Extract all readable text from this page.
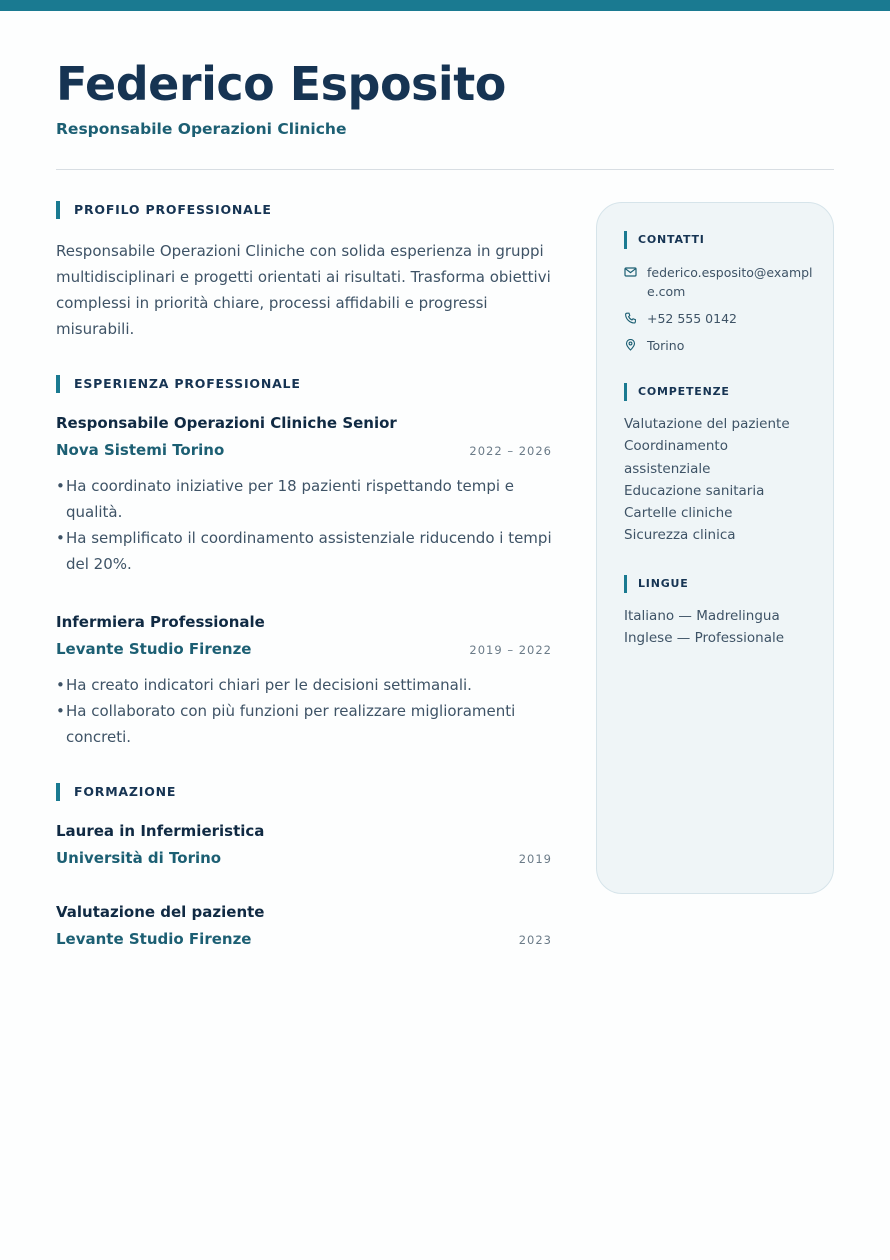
Federico Esposito
Responsabile Operazioni Cliniche
PROFILO PROFESSIONALE

Responsabile Operazioni Cliniche con solida esperienza in gruppi multidisciplinari e progetti orientati ai risultati. Trasforma obiettivi complessi in priorità chiare, processi affidabili e progressi misurabili.

ESPERIENZA PROFESSIONALE
Responsabile Operazioni Cliniche Senior
Nova Sistemi Torino	2022 – 2026
• Ha coordinato iniziative per 18 pazienti rispettando tempi e qualità.
• Ha semplificato il coordinamento assistenziale riducendo i tempi del 20%.
Infermiera Professionale
Levante Studio Firenze	2019 – 2022
• Ha creato indicatori chiari per le decisioni settimanali.
• Ha collaborato con più funzioni per realizzare miglioramenti concreti.
FORMAZIONE
Laurea in Infermieristica
Università di Torino	2019
Valutazione del paziente
Levante Studio Firenze	2023
CONTATTI
federico.esposito@example.com
+52 555 0142
Torino
COMPETENZE
Valutazione del paziente
Coordinamento assistenziale
Educazione sanitaria
Cartelle cliniche
Sicurezza clinica
LINGUE
Italiano — Madrelingua
Inglese — Professionale
